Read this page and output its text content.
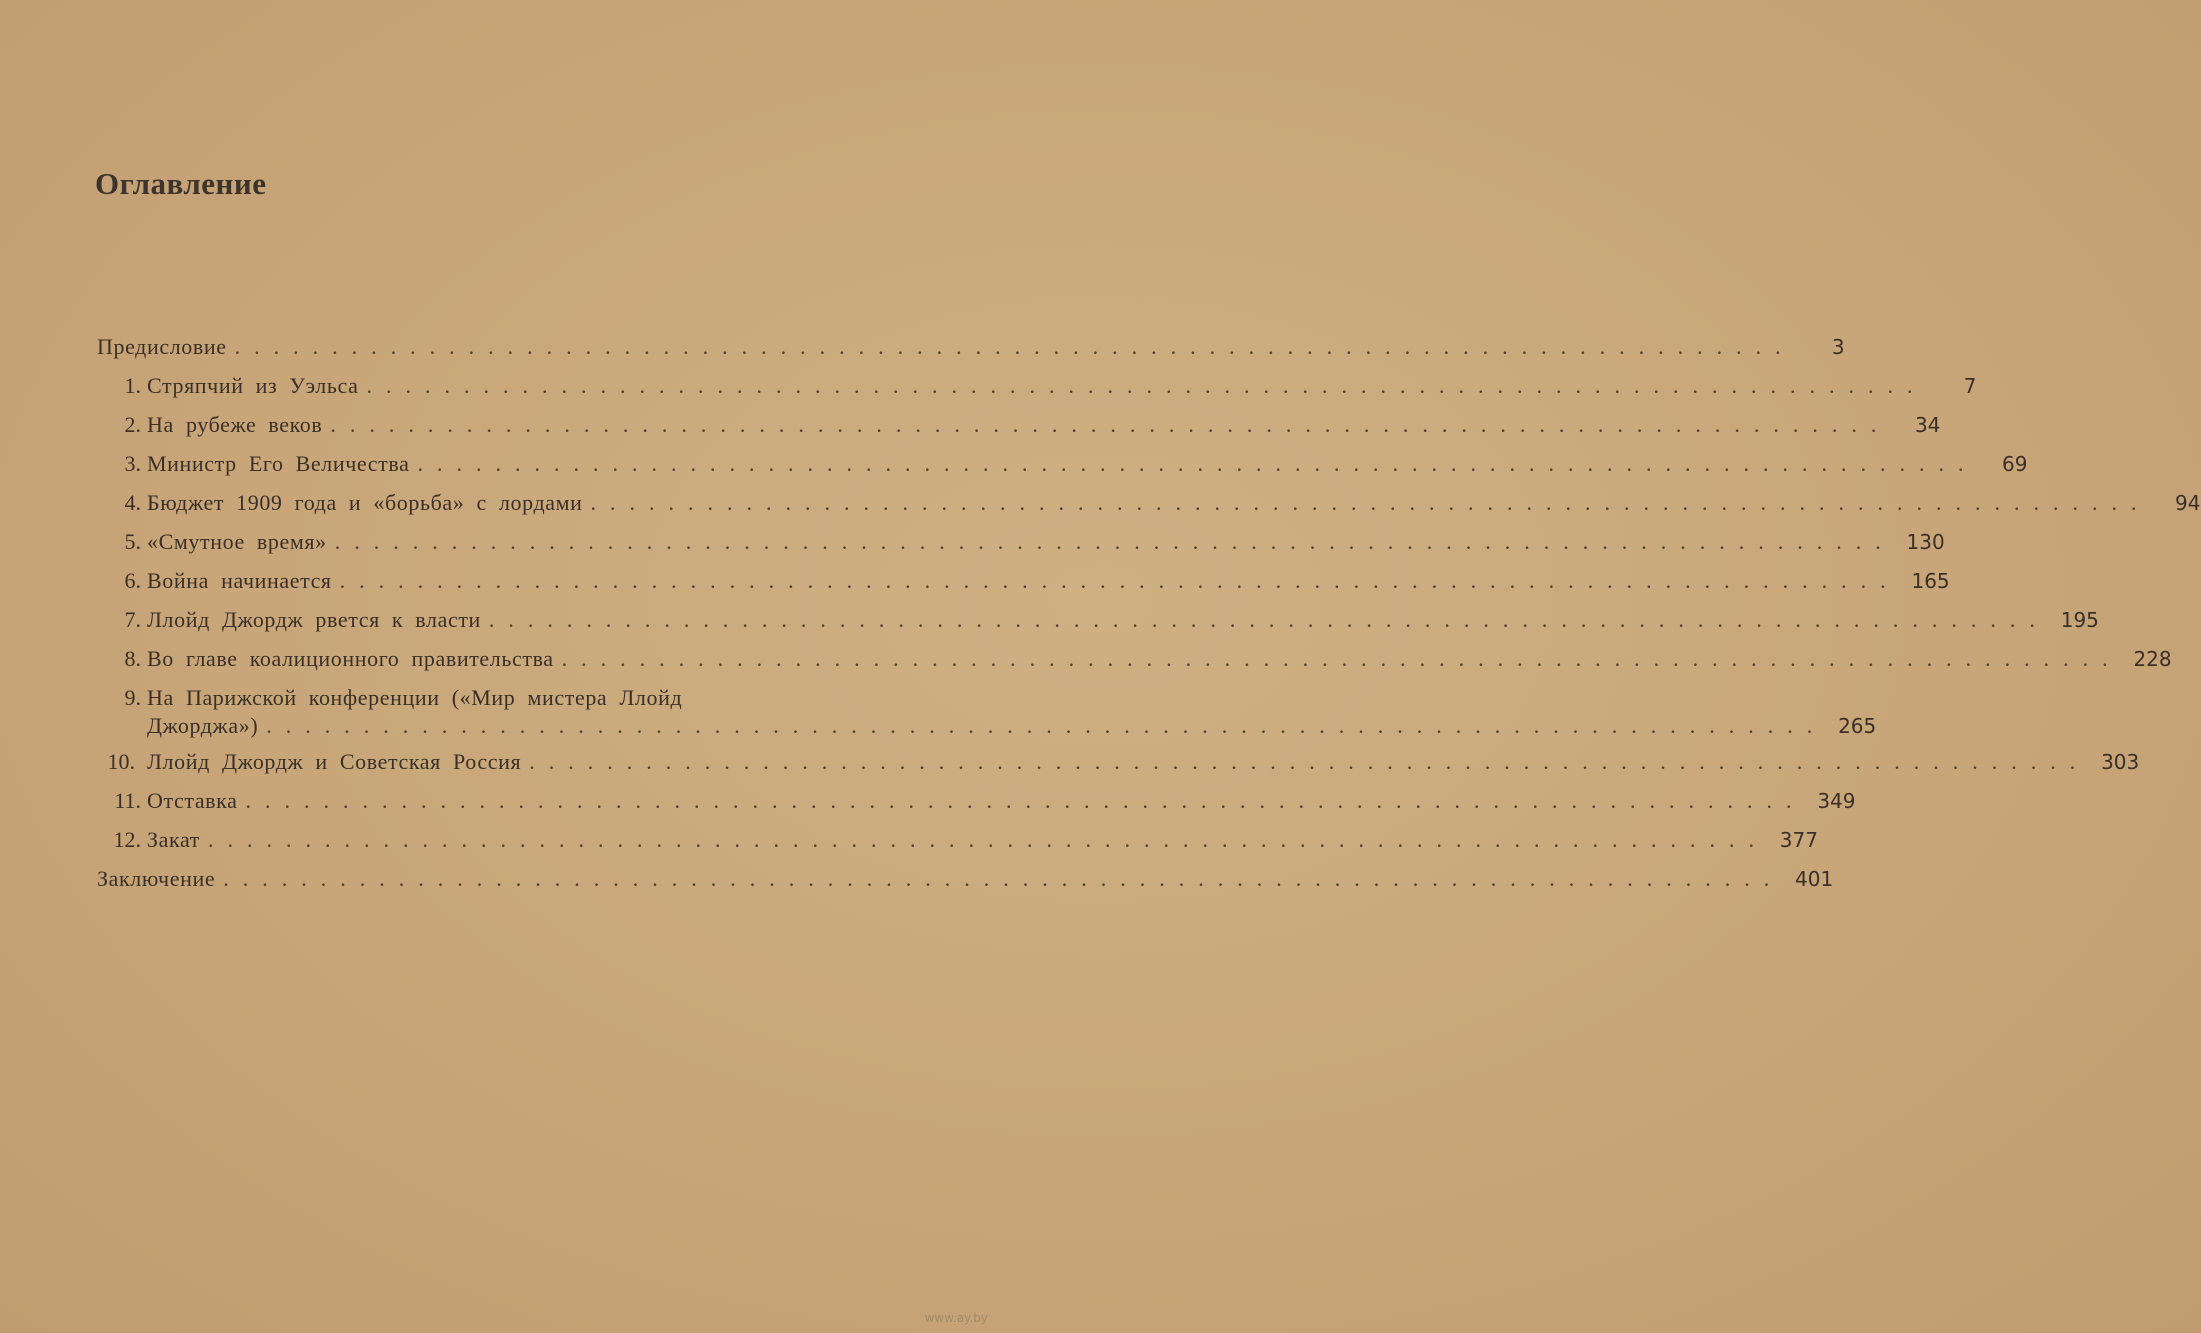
Оглавление
Предисловие ................................................................................	3
1. Стряпчий из Уэльса ................................................................................	7
2. На рубеже веков ................................................................................	34
3. Министр Его Величества ................................................................................	69
4. Бюджет 1909 года и «борьба» с лордами ................................................................................	94
5. «Смутное время» ................................................................................ 130
6. Война начинается ................................................................................ 165
7. Ллойд Джордж рвется к власти ................................................................................ 195
8. Во главе коалиционного правительства ................................................................................ 228
9. На Парижской конференции («Мир мистера Ллойд
Джорджа») ................................................................................ 265
10. Ллойд Джордж и Советская Россия ................................................................................ 303
11. Отставка ................................................................................ 349
12. Закат ................................................................................ 377
Заключение ................................................................................ 401
www.ay.by
